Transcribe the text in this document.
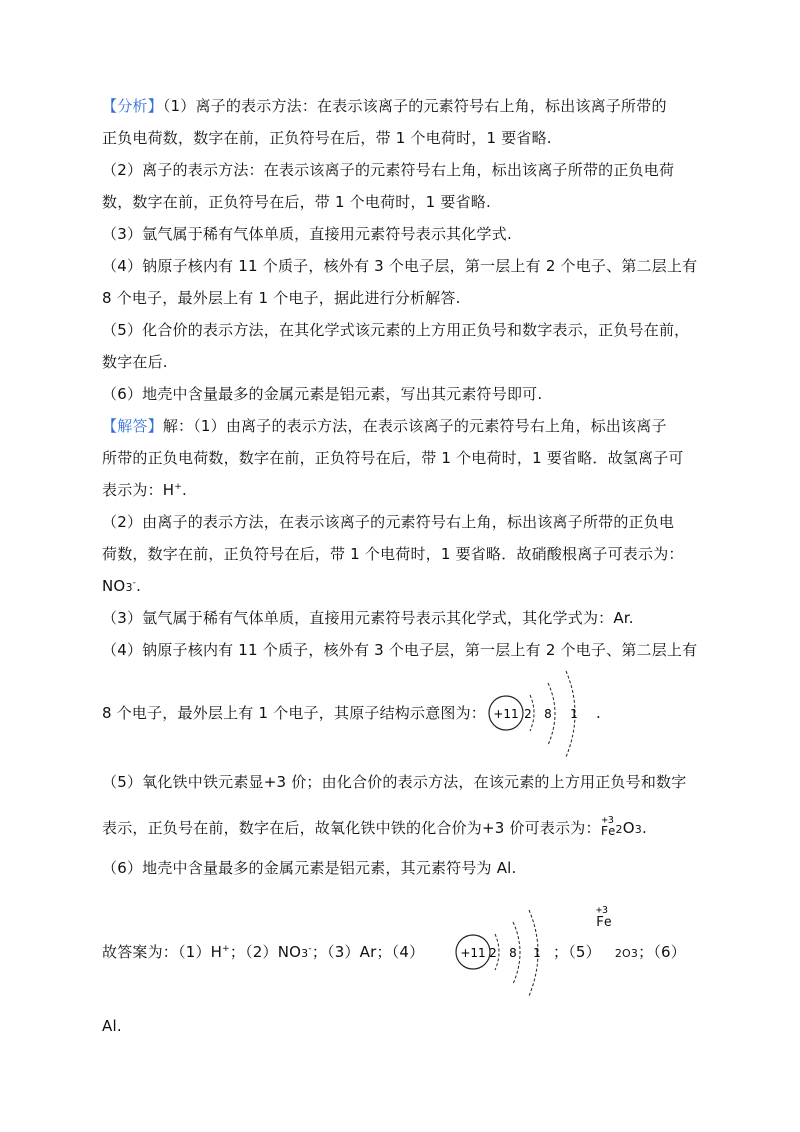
【分析】（1）离子的表示方法：在表示该离子的元素符号右上角，标出该离子所带的
正负电荷数，数字在前，正负符号在后，带 1 个电荷时，1 要省略.
（2）离子的表示方法：在表示该离子的元素符号右上角，标出该离子所带的正负电荷
数，数字在前，正负符号在后，带 1 个电荷时，1 要省略.
（3）氩气属于稀有气体单质，直接用元素符号表示其化学式.
（4）钠原子核内有 11 个质子，核外有 3 个电子层，第一层上有 2 个电子、第二层上有
8 个电子，最外层上有 1 个电子，据此进行分析解答.
（5）化合价的表示方法，在其化学式该元素的上方用正负号和数字表示，正负号在前，
数字在后.
（6）地壳中含量最多的金属元素是铝元素，写出其元素符号即可.
【解答】解：（1）由离子的表示方法，在表示该离子的元素符号右上角，标出该离子
所带的正负电荷数，数字在前，正负符号在后，带 1 个电荷时，1 要省略．故氢离子可
表示为：H+.
（2）由离子的表示方法，在表示该离子的元素符号右上角，标出该离子所带的正负电
荷数，数字在前，正负符号在后，带 1 个电荷时，1 要省略．故硝酸根离子可表示为：
NO3-.
（3）氩气属于稀有气体单质，直接用元素符号表示其化学式，其化学式为：Ar.
（4）钠原子核内有 11 个质子，核外有 3 个电子层，第一层上有 2 个电子、第二层上有
8 个电子，最外层上有 1 个电子，其原子结构示意图为： +11 2 8 1 .
（5）氧化铁中铁元素显+3 价；由化合价的表示方法，在该元素的上方用正负号和数字
表示，正负号在前，数字在后，故氧化铁中铁的化合价为+3 价可表示为： +3
Fe2O3.
（6）地壳中含量最多的金属元素是铝元素，其元素符号为 Al.
+3
Fe
故答案为：（1）H+；（2）NO3-；（3）Ar；（4）	+11 2 8 1 ；（5） 2O3；（6）
Al.
